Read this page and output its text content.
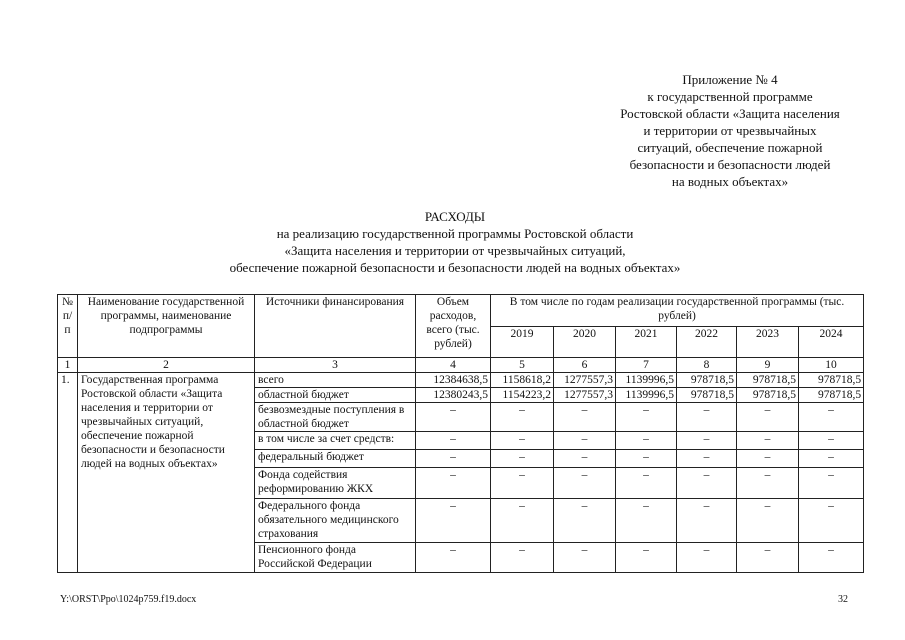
Приложение № 4
к государственной программе
Ростовской области «Защита населения
и территории от чрезвычайных
ситуаций, обеспечение пожарной
безопасности и безопасности людей
на водных объектах»
РАСХОДЫ
на реализацию государственной программы Ростовской области
«Защита населения и территории от чрезвычайных ситуаций,
обеспечение пожарной безопасности и безопасности людей на водных объектах»
№ п/п	Наименование государственной программы, наименование подпрограммы	Источники финансирования	Объем расходов, всего (тыс. рублей)	В том числе по годам реализации государственной программы (тыс. рублей)					
				2019	2020	2021	2022	2023	2024
1	2	3	4	5	6	7	8	9	10
1.	Государственная программа Ростовской области «Защита населения и территории от чрезвычайных ситуаций, обеспечение пожарной безопасности и безопасности людей на водных объектах»	всего	12384638,5	1158618,2	1277557,3	1139996,5	978718,5	978718,5	978718,5
		областной бюджет	12380243,5	1154223,2	1277557,3	1139996,5	978718,5	978718,5	978718,5
		безвозмездные поступления в областной бюджет	–	–	–	–	–	–	–
		в том числе за счет средств:	–	–	–	–	–	–	–
		федеральный бюджет	–	–	–	–	–	–	–
		Фонда содействия реформированию ЖКХ	–	–	–	–	–	–	–
		Федерального фонда обязательного медицинского страхования	–	–	–	–	–	–	–
		Пенсионного фонда Российской Федерации	–	–	–	–	–	–	–
Y:\ORST\Ppo\1024p759.f19.docx	32
